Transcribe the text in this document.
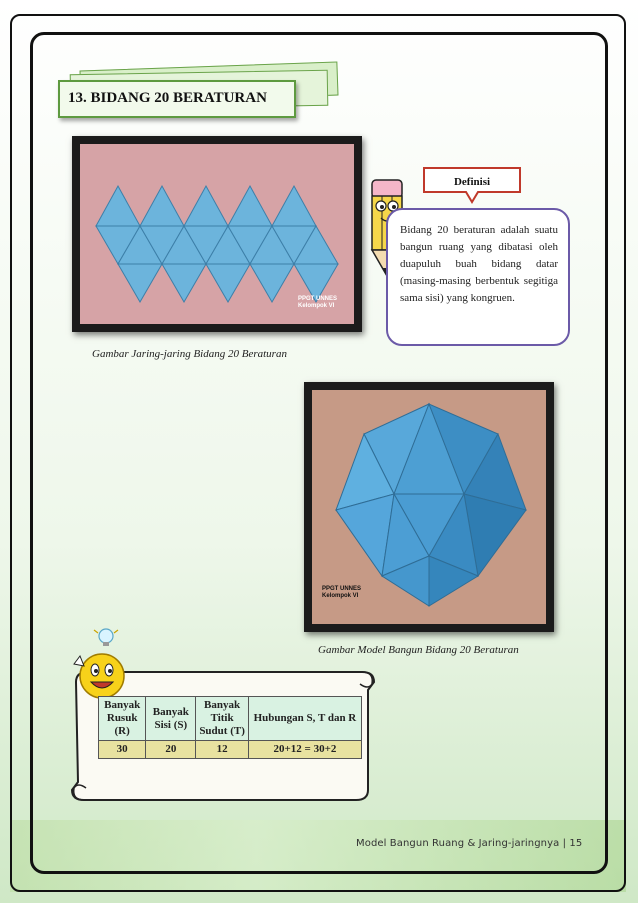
13. BIDANG 20 BERATURAN
PPGT UNNES
Kelompok VI
Gambar Jaring-jaring Bidang 20 Beraturan
Definisi
Bidang 20 beraturan adalah suatu bangun ruang yang dibatasi oleh duapuluh buah bidang datar (masing-masing berbentuk segitiga sama sisi) yang kongruen.
PPGT UNNES
Kelompok VI
Gambar Model Bangun Bidang 20 Beraturan
Banyak Rusuk (R)	Banyak Sisi (S)	Banyak Titik Sudut (T)	Hubungan S, T dan R
30	20	12	20+12 = 30+2
Model Bangun Ruang & Jaring-jaringnya | 15
